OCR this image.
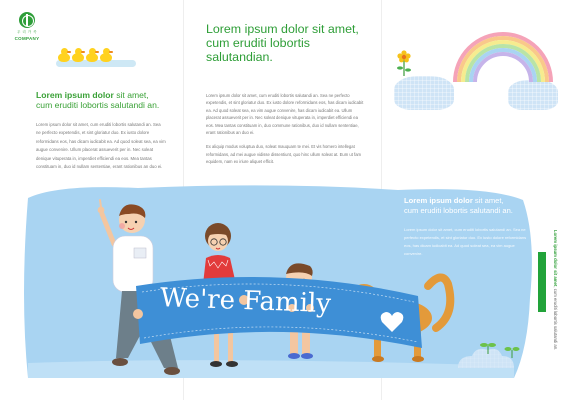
우 리 가 족
COMPANY
Lorem ipsum dolor sit amet,
cum eruditi lobortis salutandi an.
Lorem ipsum dolor sit amet, cum eruditi lobortis salutandi an. Sea ne perfecto expetendis, et sint gloriatur duo. Ex iusto dolore reformidans eos, has dicam iudicabit ea. Ad quod soleat sea, ea vim augue convenire. Ullum placerat assueverit per in. Nec soleat denique vituperata in, imperdiet efficiendi ea eos. Mea tantas constituam in, duo id nullam sententiae, erant rationibus an duo ei.
Lorem ipsum dolor sit amet, cum eruditi lobortis salutandian.

Lorem ipsum dolor sit amet, cum eruditi lobortis salutandi an. Sea ne perfecto expetendis, et sint gloriatur duo. Ex iusto dolore reformidans eos, has dicam iudicabit ea. Ad quod soleat sea, ea vim augue convenire, has dicam iudicabit ea. Ullum placerat assueverit per in. Nec soleat denique vituperata in, imperdiet efficiendi ea eos. Mea tantas constituam in, duo commune rationibus, duo id nullam sententiae, erant rationibus an duo ei.

Ex aliquip modus voluptua duo, soleat mauquam te mei. Et vis homero intellegat reformidans, ad mei augue vidisse dissentiunt, quo hinc ullum soleat at. Eum ut fam equidem, nam ex iriure aliquet efficit.

We're Family
Lorem ipsum dolor sit amet,
cum eruditi lobortis salutandi an.
Lorem ipsum dolor sit amet, cum eruditi lobortis salutandi an. Sea ne perfecto expetendis, et sint gloriatur duo. Ex iusto dolore reformidans eos, has dicam iudicabit ea. Ad quod soleat sea, ea vim augue convenire.	Lorem ipsum dolor sit amet, cum eruditi lobortis salutandi an.
